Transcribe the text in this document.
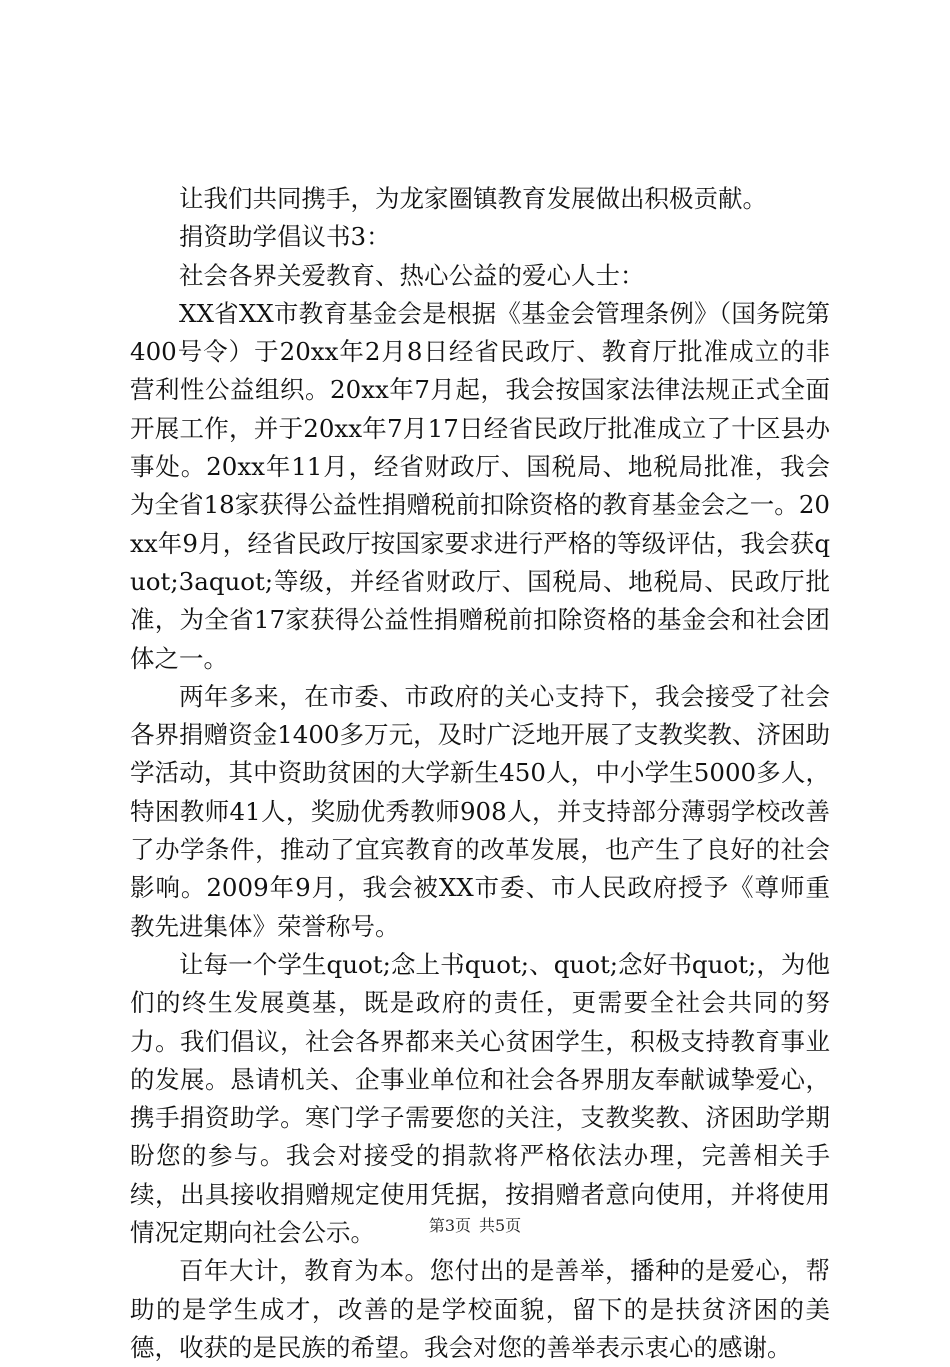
让我们共同携手，为龙家圈镇教育发展做出积极贡献。

捐资助学倡议书3：

社会各界关爱教育、热心公益的爱心人士：

XX省XX市教育基金会是根据《基金会管理条例》（国务院第400号令）于20xx年2月8日经省民政厅、教育厅批准成立的非营利性公益组织。20xx年7月起，我会按国家法律法规正式全面开展工作，并于20xx年7月17日经省民政厅批准成立了十区县办事处。20xx年11月，经省财政厅、国税局、地税局批准，我会为全省18家获得公益性捐赠税前扣除资格的教育基金会之一。20xx年9月，经省民政厅按国家要求进行严格的等级评估，我会获quot;3aquot;等级，并经省财政厅、国税局、地税局、民政厅批准，为全省17家获得公益性捐赠税前扣除资格的基金会和社会团体之一。

两年多来，在市委、市政府的关心支持下，我会接受了社会各界捐赠资金1400多万元，及时广泛地开展了支教奖教、济困助学活动，其中资助贫困的大学新生450人，中小学生5000多人，特困教师41人，奖励优秀教师908人，并支持部分薄弱学校改善了办学条件，推动了宜宾教育的改革发展，也产生了良好的社会影响。2009年9月，我会被XX市委、市人民政府授予《尊师重教先进集体》荣誉称号。

让每一个学生quot;念上书quot;、quot;念好书quot;，为他们的终生发展奠基，既是政府的责任，更需要全社会共同的努力。我们倡议，社会各界都来关心贫困学生，积极支持教育事业的发展。恳请机关、企事业单位和社会各界朋友奉献诚挚爱心，携手捐资助学。寒门学子需要您的关注，支教奖教、济困助学期盼您的参与。我会对接受的捐款将严格依法办理，完善相关手续，出具接收捐赠规定使用凭据，按捐赠者意向使用，并将使用情况定期向社会公示。

百年大计，教育为本。您付出的是善举，播种的是爱心，帮助的是学生成才，改善的是学校面貌，留下的是扶贫济困的美德，收获的是民族的希望。我会对您的善举表示衷心的感谢。

第3页 共5页
